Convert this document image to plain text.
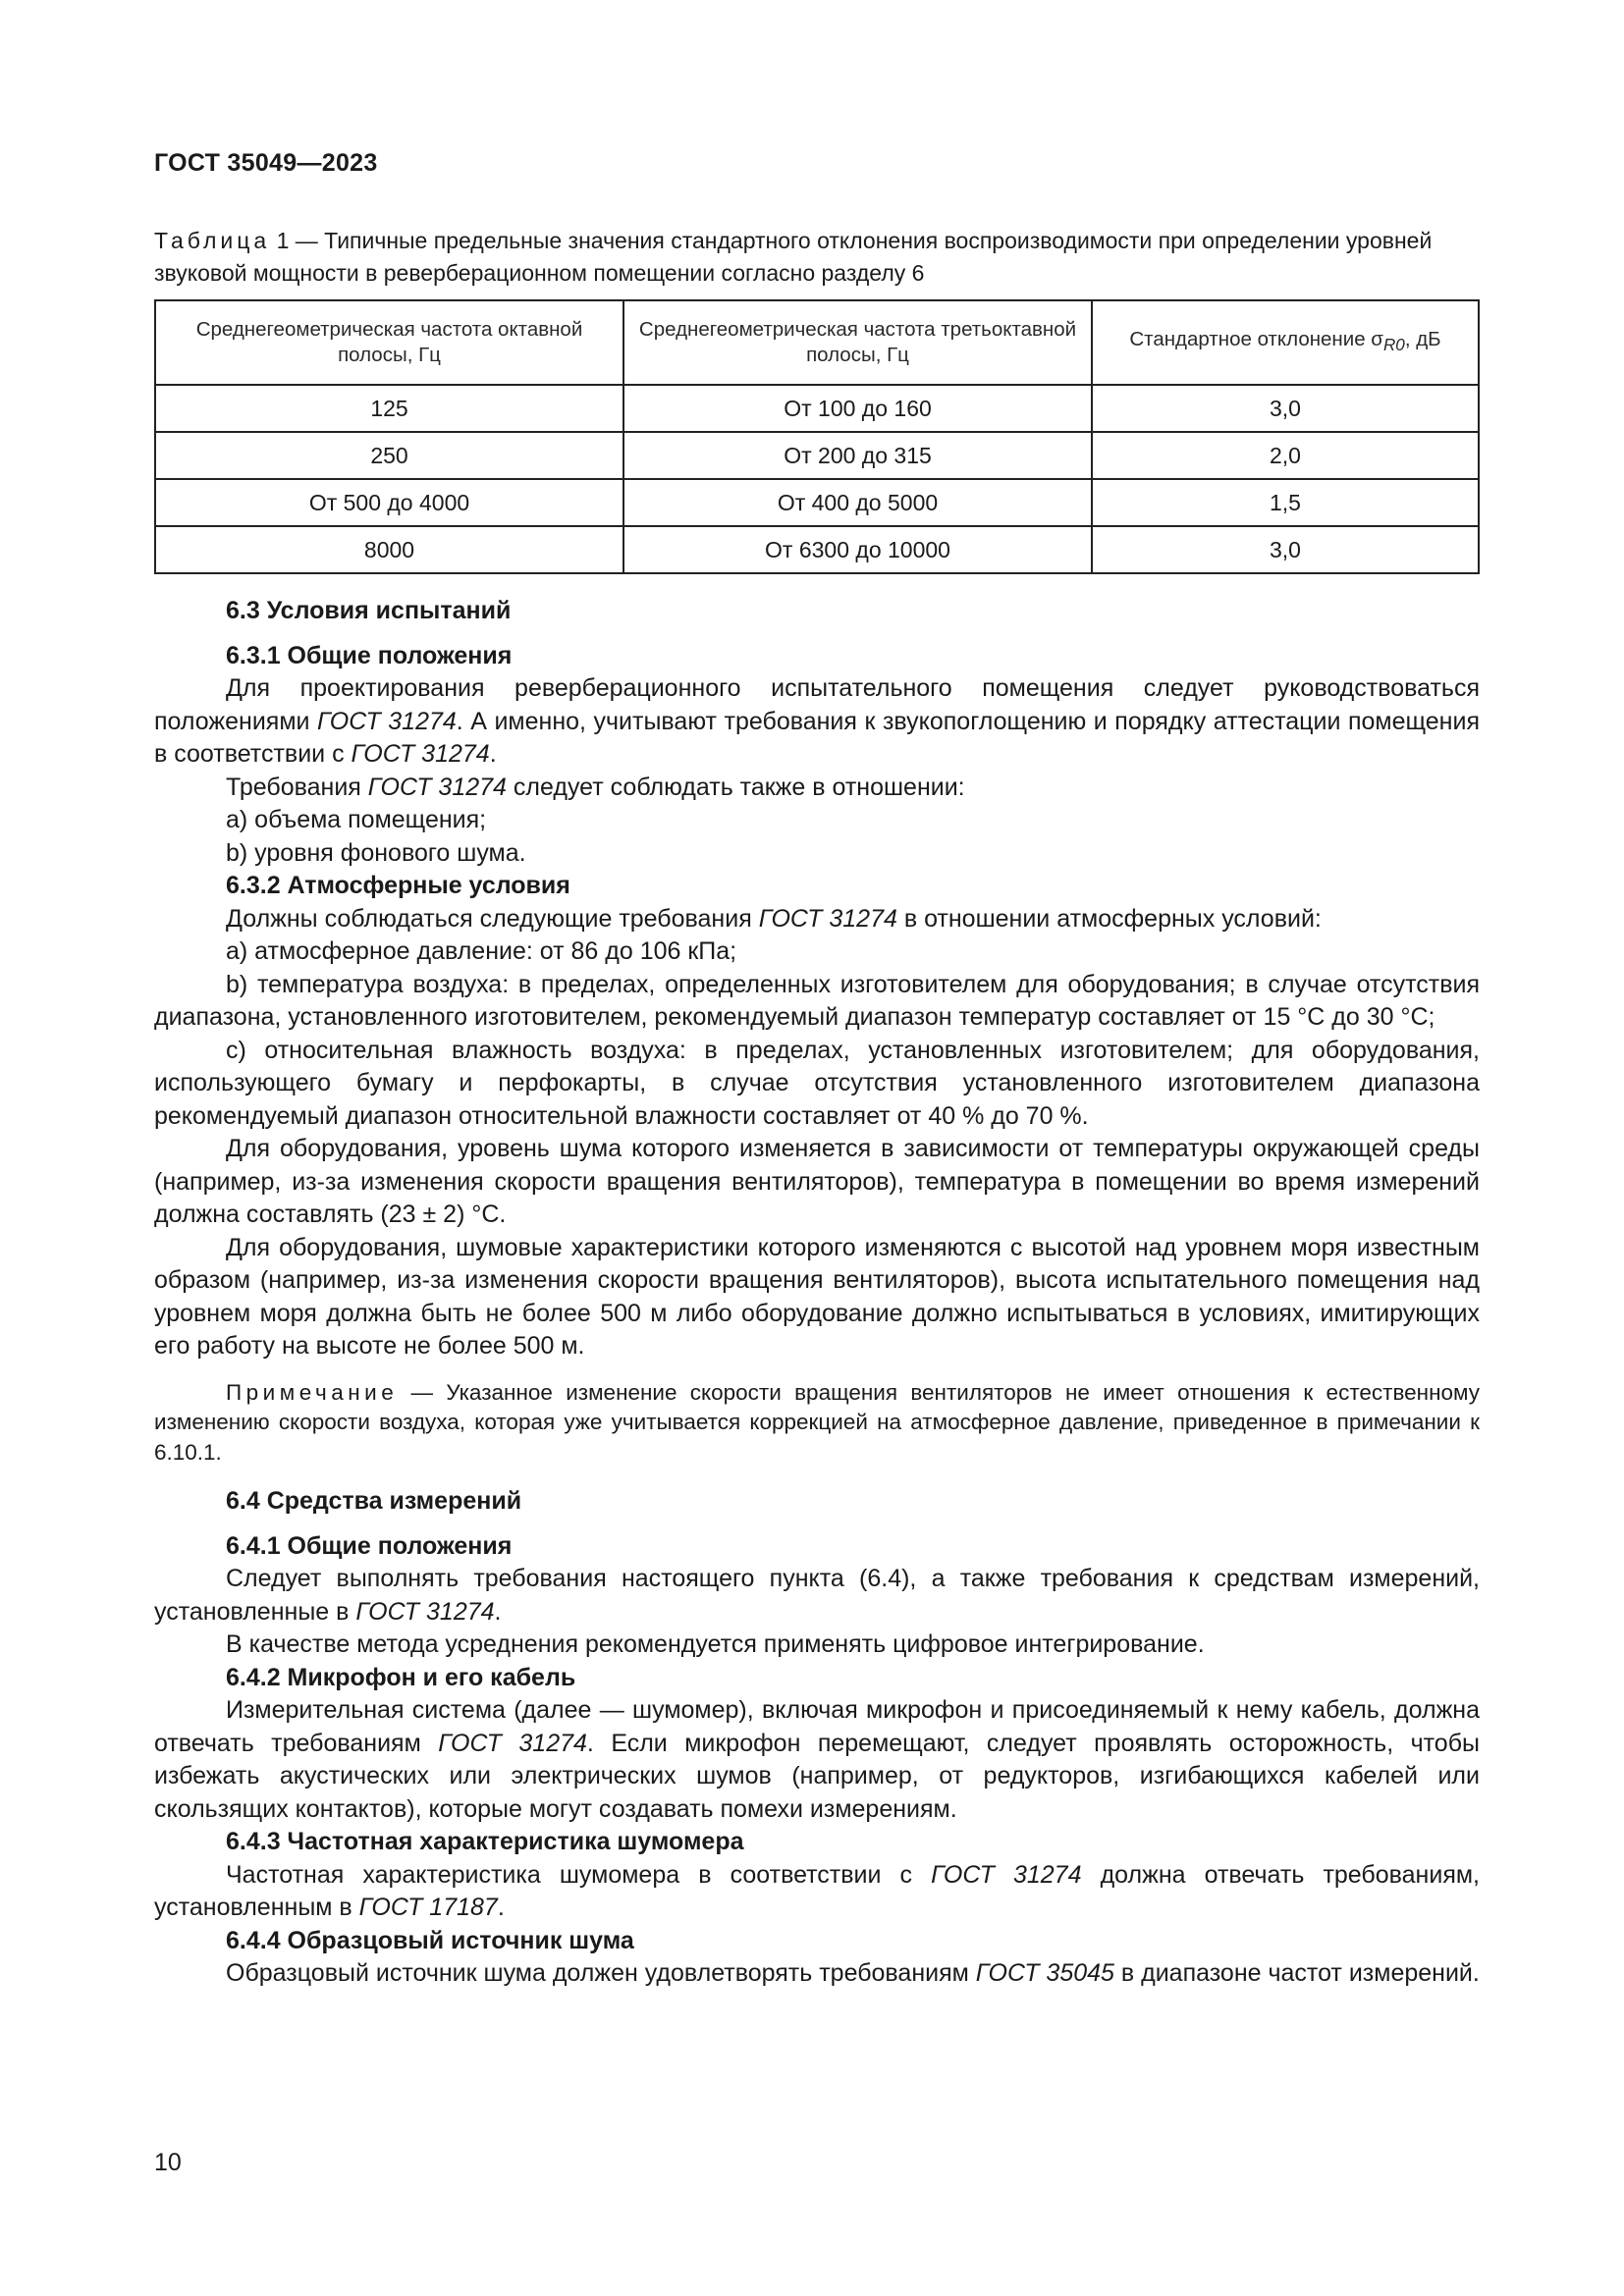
ГОСТ 35049—2023
Таблица 1 — Типичные предельные значения стандартного отклонения воспроизводимости при определении уровней звуковой мощности в реверберационном помещении согласно разделу 6
Среднегеометрическая частота октавной полосы, Гц	Среднегеометрическая частота третьоктавной полосы, Гц	Стандартное отклонение $\sigma_{R0}$, дБ
125	От 100 до 160	3,0
250	От 200 до 315	2,0
От 500 до 4000	От 400 до 5000	1,5
8000	От 6300 до 10000	3,0
6.3 Условия испытаний
6.3.1 Общие положения

Для проектирования реверберационного испытательного помещения следует руководствоваться положениями ГОСТ 31274. А именно, учитывают требования к звукопоглощению и порядку аттестации помещения в соответствии с ГОСТ 31274.

Требования ГОСТ 31274 следует соблюдать также в отношении:

а) объема помещения;

b) уровня фонового шума.

6.3.2 Атмосферные условия

Должны соблюдаться следующие требования ГОСТ 31274 в отношении атмосферных условий:

а) атмосферное давление: от 86 до 106 кПа;

b) температура воздуха: в пределах, определенных изготовителем для оборудования; в случае отсутствия диапазона, установленного изготовителем, рекомендуемый диапазон температур составляет от 15 °C до 30 °C;

с) относительная влажность воздуха: в пределах, установленных изготовителем; для оборудования, использующего бумагу и перфокарты, в случае отсутствия установленного изготовителем диапазона рекомендуемый диапазон относительной влажности составляет от 40 % до 70 %.

Для оборудования, уровень шума которого изменяется в зависимости от температуры окружающей среды (например, из-за изменения скорости вращения вентиляторов), температура в помещении во время измерений должна составлять (23 ± 2) °C.

Для оборудования, шумовые характеристики которого изменяются с высотой над уровнем моря известным образом (например, из-за изменения скорости вращения вентиляторов), высота испытательного помещения над уровнем моря должна быть не более 500 м либо оборудование должно испытываться в условиях, имитирующих его работу на высоте не более 500 м.

Примечание — Указанное изменение скорости вращения вентиляторов не имеет отношения к естественному изменению скорости воздуха, которая уже учитывается коррекцией на атмосферное давление, приведенное в примечании к 6.10.1.

6.4 Средства измерений
6.4.1 Общие положения

Следует выполнять требования настоящего пункта (6.4), а также требования к средствам измерений, установленные в ГОСТ 31274.

В качестве метода усреднения рекомендуется применять цифровое интегрирование.

6.4.2 Микрофон и его кабель

Измерительная система (далее — шумомер), включая микрофон и присоединяемый к нему кабель, должна отвечать требованиям ГОСТ 31274. Если микрофон перемещают, следует проявлять осторожность, чтобы избежать акустических или электрических шумов (например, от редукторов, изгибающихся кабелей или скользящих контактов), которые могут создавать помехи измерениям.

6.4.3 Частотная характеристика шумомера

Частотная характеристика шумомера в соответствии с ГОСТ 31274 должна отвечать требованиям, установленным в ГОСТ 17187.

6.4.4 Образцовый источник шума

Образцовый источник шума должен удовлетворять требованиям ГОСТ 35045 в диапазоне частот измерений.

10
